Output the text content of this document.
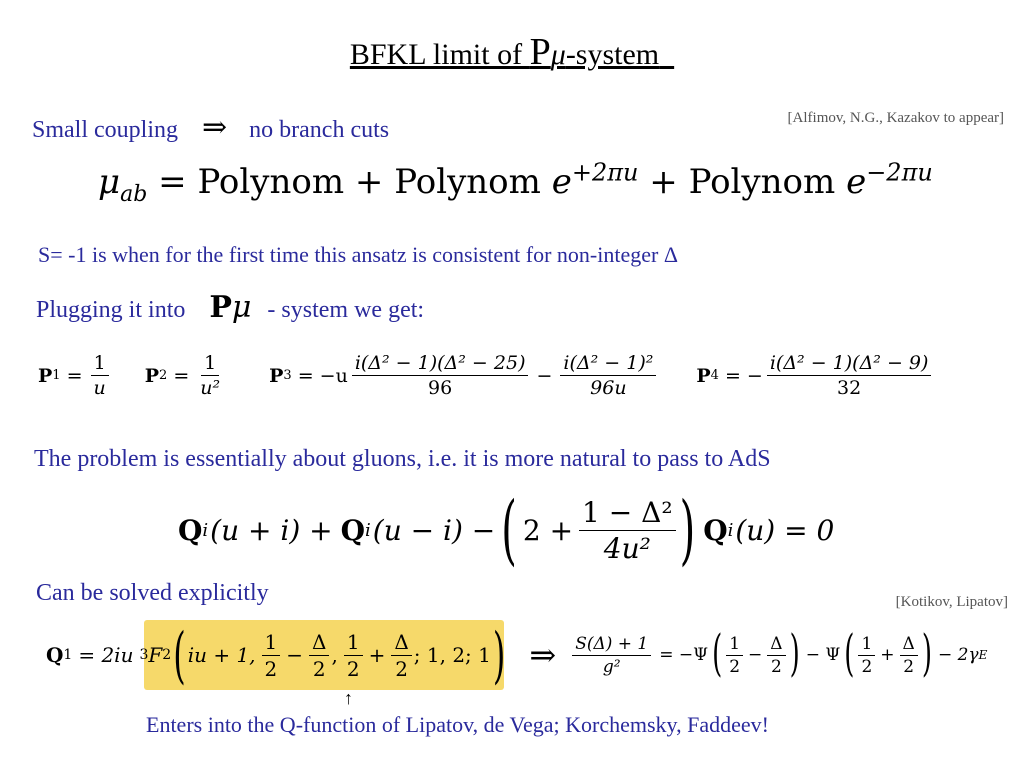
BFKL limit of Pμ-system
Small coupling ⇒ no branch cuts	[Alfimov, N.G., Kazakov to appear]
$\mu_{ab}$ = Polynom + Polynom $e^{+2\pi u}$ + Polynom $e^{-2\pi u}$
S= -1 is when for the first time this ansatz is consistent for non-integer Δ
Plugging it into Pμ - system we get:
P $1 = \frac{1}{u}$ P $2 = \frac{1}{\text{u²}}$ P $3 = -u \frac{\text{i(Δ² − 1)(Δ² − 25)}}{96} - \frac{\text{i(Δ² − 1)²}}{96u}$ P 4 = − $\frac{\text{i(Δ² − 1)(Δ² − 9)}}{32}$
The problem is essentially about gluons, i.e. it is more natural to pass to AdS
Q i (u + i) + Q i (u − i) − ( $2 + \frac{\text{1 − Δ²}}{\text{4u²}}$ ) Q i (u) = 0
Can be solved explicitly	[Kotikov, Lipatov]
Q 1 = 2iu 3 F 2 ( iu + 1, $\frac{1}{2} - \frac{\Delta}{2}$ , $\frac{1}{2} + \frac{\Delta}{2}$ ; 1, 2; 1 ) ⇒ $\frac{S(\Delta) + 1}{\text{g²}} = -\Psi$ ( $\frac{1}{2} - \frac{\Delta}{2}$ ) − Ψ ( $\frac{1}{2} + \frac{\Delta}{2}$ ) − 2γ E
↑
Enters into the Q-function of Lipatov, de Vega; Korchemsky, Faddeev!
